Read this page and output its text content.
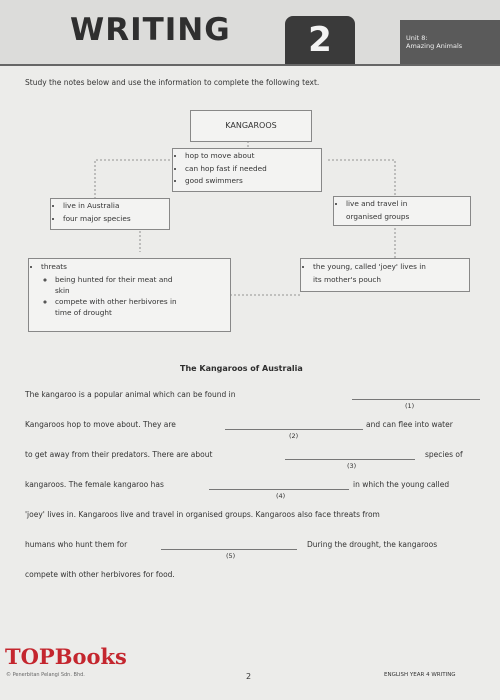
WRITING	2	Unit 8:
Amazing Animals
Study the notes below and use the information to complete the following text.
KANGAROOS
• hop to move about
• can hop fast if needed
• good swimmers
• live in Australia
• four major species
• live and travel in
organised groups
• threats
◦ being hunted for their meat and
skin
◦ compete with other herbivores in
time of drought
• the young, called 'joey' lives in
its mother's pouch
The Kangaroos of Australia
The kangaroo is a popular animal which can be found in
(1)
Kangaroos hop to move about. They are
(2)
and can flee into water
to get away from their predators. There are about
(3)
species of
kangaroos. The female kangaroo has
(4)
in which the young called
'joey' lives in. Kangaroos live and travel in organised groups. Kangaroos also face threats from
humans who hunt them for
(5)
During the drought, the kangaroos
compete with other herbivores for food.
TOPBooks
© Penerbitan Pelangi Sdn. Bhd.	2	ENGLISH YEAR 4 WRITING
